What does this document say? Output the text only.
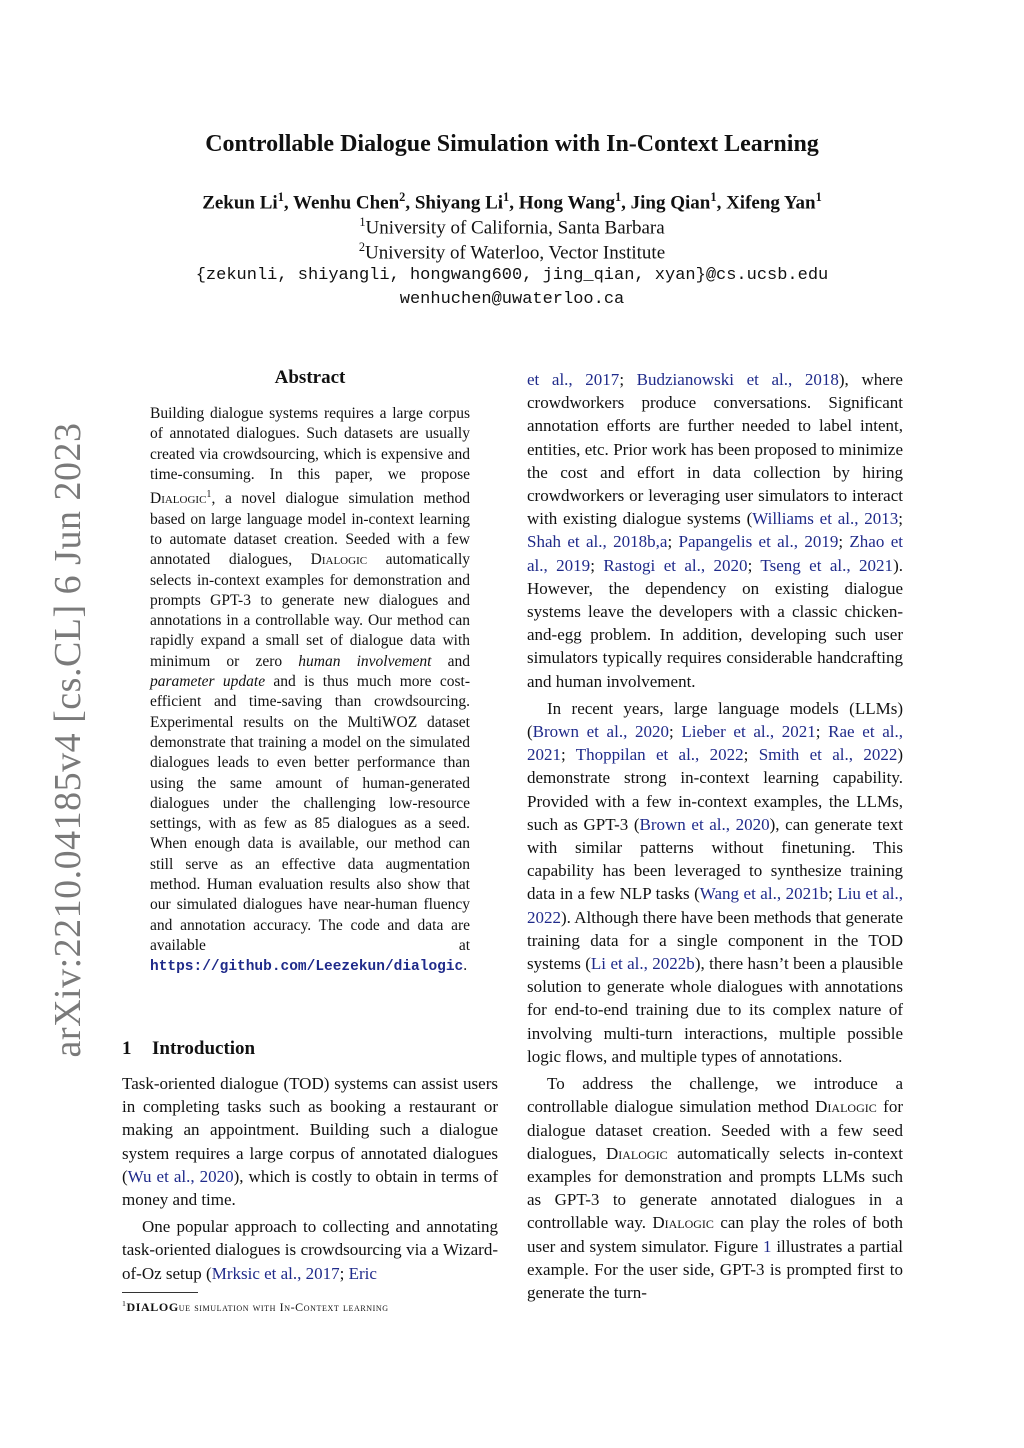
arXiv:2210.04185v4 [cs.CL] 6 Jun 2023
Controllable Dialogue Simulation with In-Context Learning
Zekun Li$^1$, Wenhu Chen$^2$, Shiyang Li$^1$, Hong Wang$^1$, Jing Qian$^1$, Xifeng Yan$^1$
$^1$University of California, Santa Barbara
$^2$University of Waterloo, Vector Institute
{zekunli, shiyangli, hongwang600, jing_qian, xyan}@cs.ucsb.edu
wenhuchen@uwaterloo.ca
Abstract
Building dialogue systems requires a large corpus of annotated dialogues. Such datasets are usually created via crowdsourcing, which is expensive and time-consuming. In this paper, we propose Dialogic$^1$, a novel dialogue simulation method based on large language model in-context learning to automate dataset creation. Seeded with a few annotated dialogues, Dialogic automatically selects in-context examples for demonstration and prompts GPT-3 to generate new dialogues and annotations in a controllable way. Our method can rapidly expand a small set of dialogue data with minimum or zero human involvement and parameter update and is thus much more cost-efficient and time-saving than crowdsourcing. Experimental results on the MultiWOZ dataset demonstrate that training a model on the simulated dialogues leads to even better performance than using the same amount of human-generated dialogues under the challenging low-resource settings, with as few as 85 dialogues as a seed. When enough data is available, our method can still serve as an effective data augmentation method. Human evaluation results also show that our simulated dialogues have near-human fluency and annotation accuracy. The code and data are available at https://github.com/Leezekun/dialogic.
1 Introduction

Task-oriented dialogue (TOD) systems can assist users in completing tasks such as booking a restaurant or making an appointment. Building such a dialogue system requires a large corpus of annotated dialogues (Wu et al., 2020), which is costly to obtain in terms of money and time.

One popular approach to collecting and annotating task-oriented dialogues is crowdsourcing via a Wizard-of-Oz setup (Mrksic et al., 2017; Eric

$^1$DIALOGue simulation with In-Context learning

et al., 2017; Budzianowski et al., 2018), where crowdworkers produce conversations. Significant annotation efforts are further needed to label intent, entities, etc. Prior work has been proposed to minimize the cost and effort in data collection by hiring crowdworkers or leveraging user simulators to interact with existing dialogue systems (Williams et al., 2013; Shah et al., 2018b,a; Papangelis et al., 2019; Zhao et al., 2019; Rastogi et al., 2020; Tseng et al., 2021). However, the dependency on existing dialogue systems leave the developers with a classic chicken-and-egg problem. In addition, developing such user simulators typically requires considerable handcrafting and human involvement.

In recent years, large language models (LLMs) (Brown et al., 2020; Lieber et al., 2021; Rae et al., 2021; Thoppilan et al., 2022; Smith et al., 2022) demonstrate strong in-context learning capability. Provided with a few in-context examples, the LLMs, such as GPT-3 (Brown et al., 2020), can generate text with similar patterns without finetuning. This capability has been leveraged to synthesize training data in a few NLP tasks (Wang et al., 2021b; Liu et al., 2022). Although there have been methods that generate training data for a single component in the TOD systems (Li et al., 2022b), there hasn’t been a plausible solution to generate whole dialogues with annotations for end-to-end training due to its complex nature of involving multi-turn interactions, multiple possible logic flows, and multiple types of annotations.

To address the challenge, we introduce a controllable dialogue simulation method Dialogic for dialogue dataset creation. Seeded with a few seed dialogues, Dialogic automatically selects in-context examples for demonstration and prompts LLMs such as GPT-3 to generate annotated dialogues in a controllable way. Dialogic can play the roles of both user and system simulator. Figure 1 illustrates a partial example. For the user side, GPT-3 is prompted first to generate the turn-
